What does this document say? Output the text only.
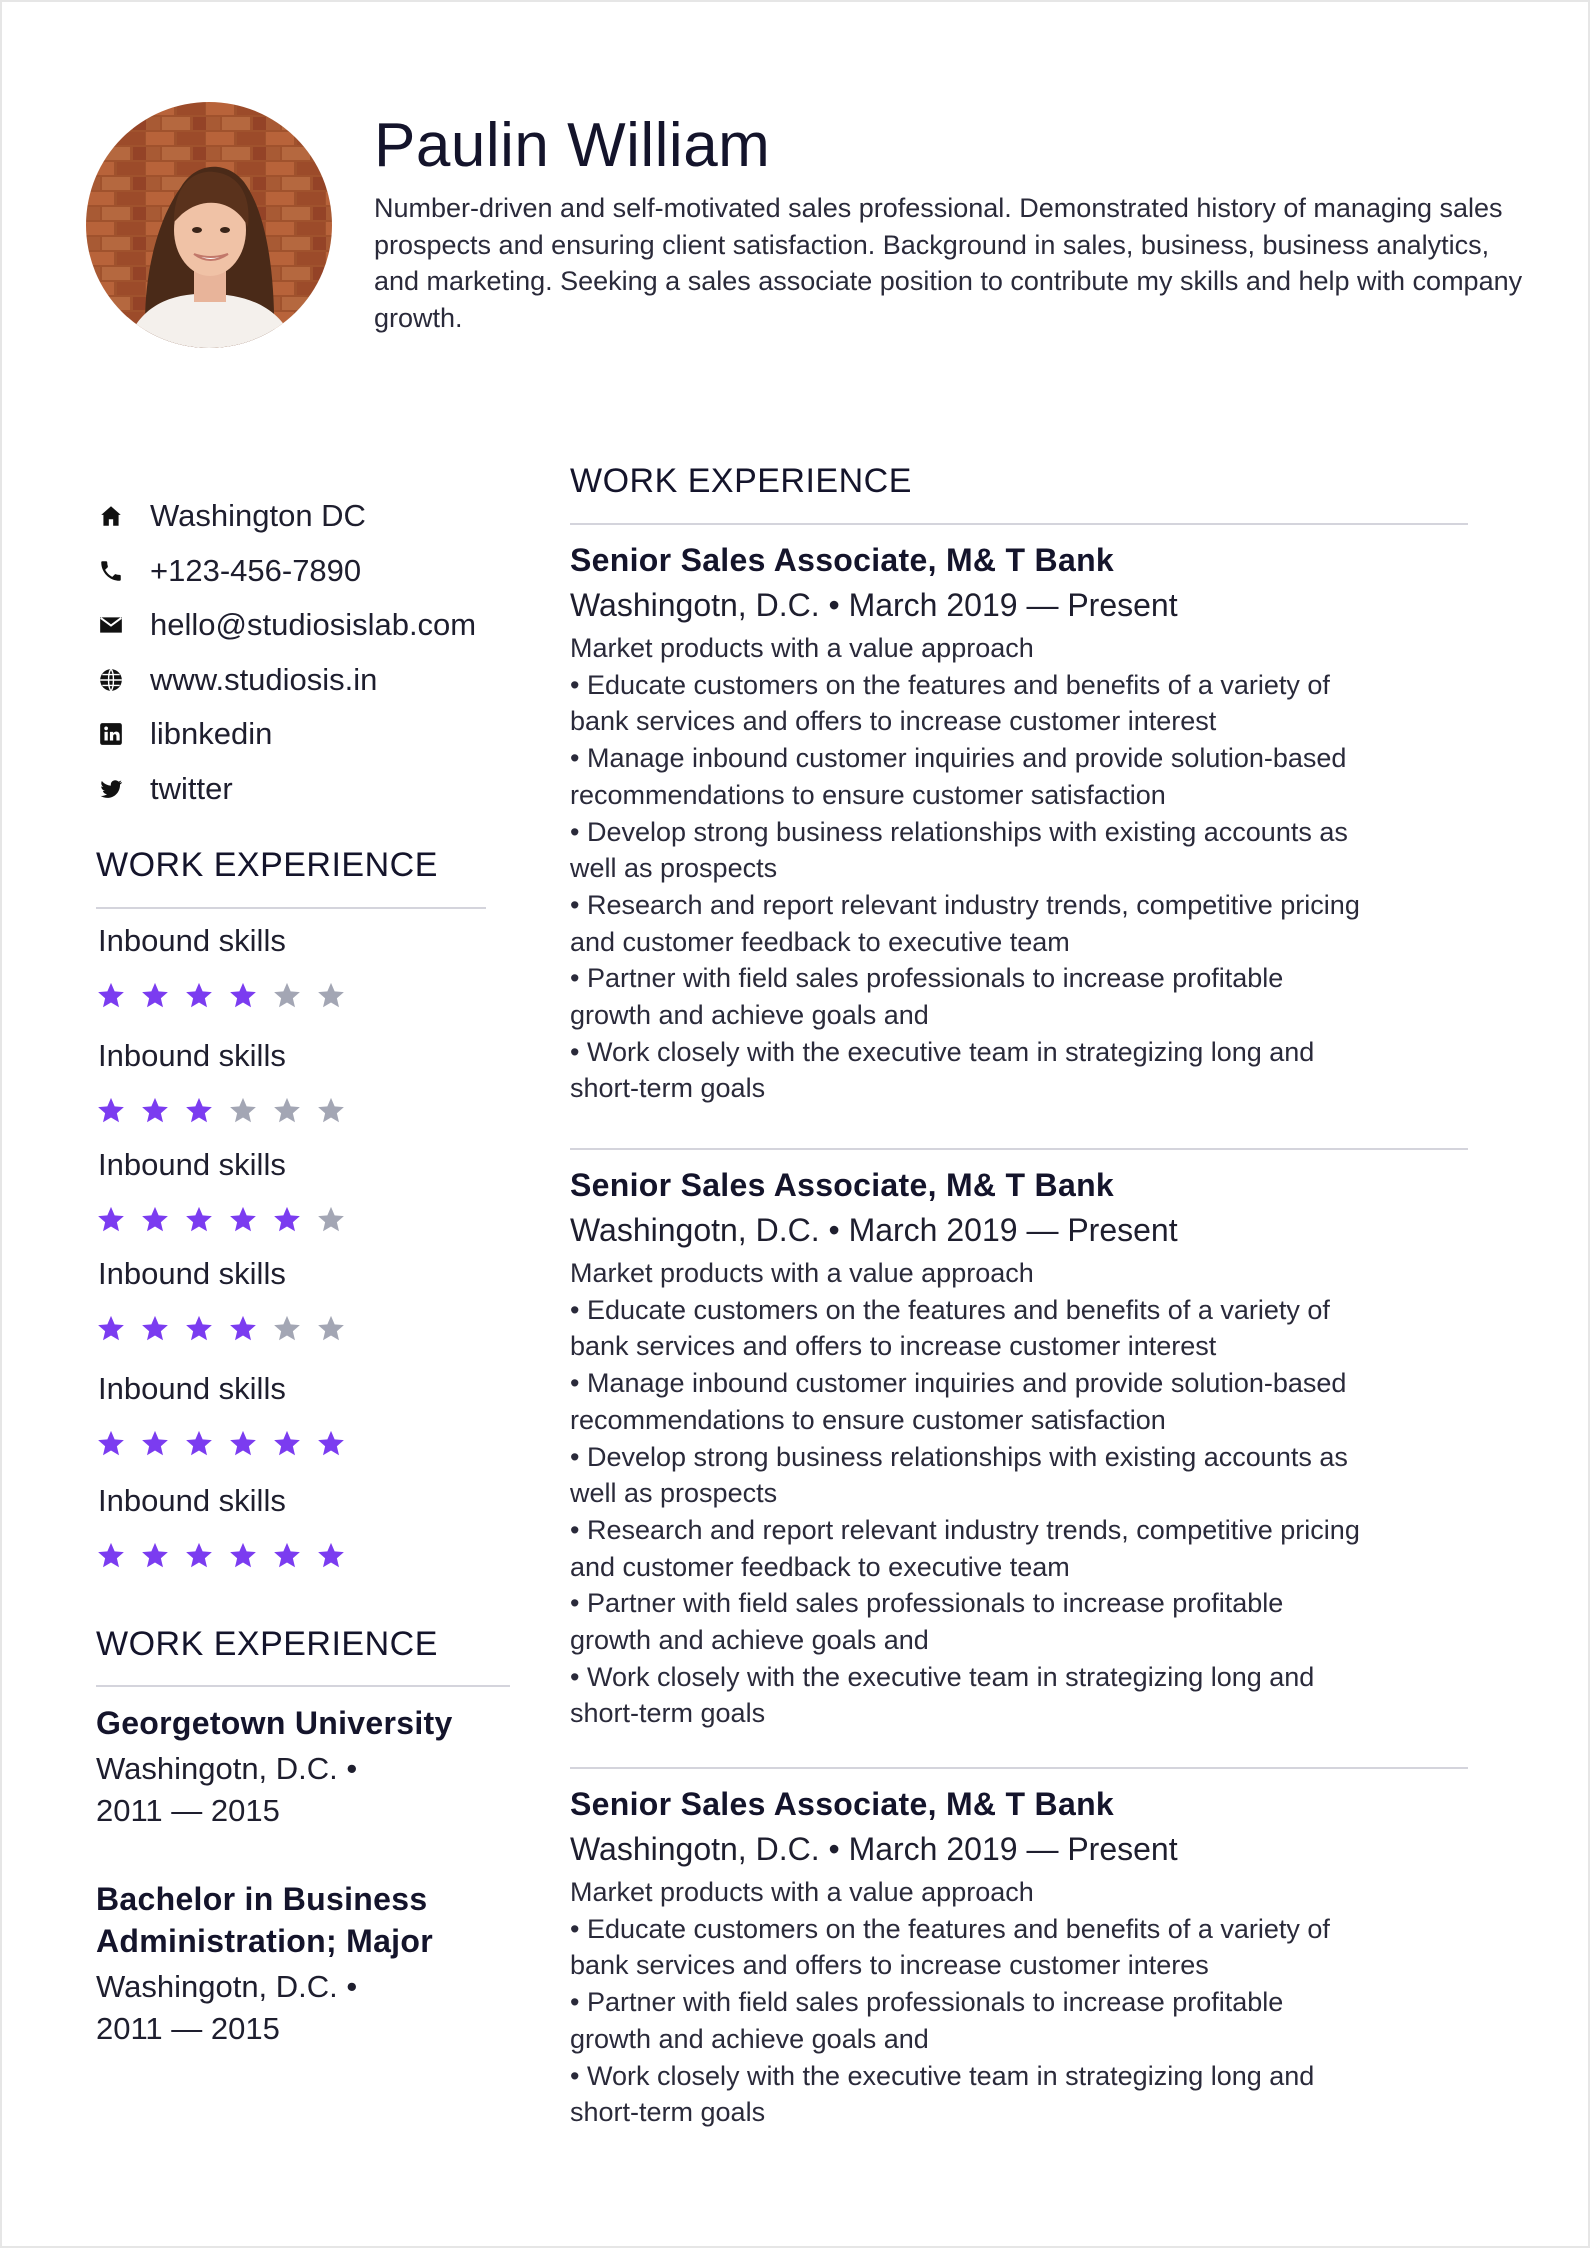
Paulin William

Number-driven and self-motivated sales professional. Demonstrated history of managing sales prospects and ensuring client satisfaction. Background in sales, business, business analytics, and marketing. Seeking a sales associate position to contribute my skills and help with company growth.

Washington DC
+123-456-7890
hello@studiosislab.com
www.studiosis.in
libnkedin
twitter
WORK EXPERIENCE
Inbound skills
Inbound skills
Inbound skills
Inbound skills
Inbound skills
Inbound skills
WORK EXPERIENCE

Georgetown University

Washingotn, D.C. •
2011 — 2015

Bachelor in Business
Administration; Major

Washingotn, D.C. •
2011 — 2015

WORK EXPERIENCE

Senior Sales Associate, M& T Bank

Washingotn, D.C. • March 2019 — Present

Market products with a value approach
• Educate customers on the features and benefits of a variety of
bank services and offers to increase customer interest
• Manage inbound customer inquiries and provide solution-based
recommendations to ensure customer satisfaction
• Develop strong business relationships with existing accounts as
well as prospects
• Research and report relevant industry trends, competitive pricing
and customer feedback to executive team
• Partner with field sales professionals to increase profitable
growth and achieve goals and
• Work closely with the executive team in strategizing long and
short-term goals

Senior Sales Associate, M& T Bank

Washingotn, D.C. • March 2019 — Present

Market products with a value approach
• Educate customers on the features and benefits of a variety of
bank services and offers to increase customer interest
• Manage inbound customer inquiries and provide solution-based
recommendations to ensure customer satisfaction
• Develop strong business relationships with existing accounts as
well as prospects
• Research and report relevant industry trends, competitive pricing
and customer feedback to executive team
• Partner with field sales professionals to increase profitable
growth and achieve goals and
• Work closely with the executive team in strategizing long and
short-term goals

Senior Sales Associate, M& T Bank

Washingotn, D.C. • March 2019 — Present

Market products with a value approach
• Educate customers on the features and benefits of a variety of
bank services and offers to increase customer interes
• Partner with field sales professionals to increase profitable
growth and achieve goals and
• Work closely with the executive team in strategizing long and
short-term goals
